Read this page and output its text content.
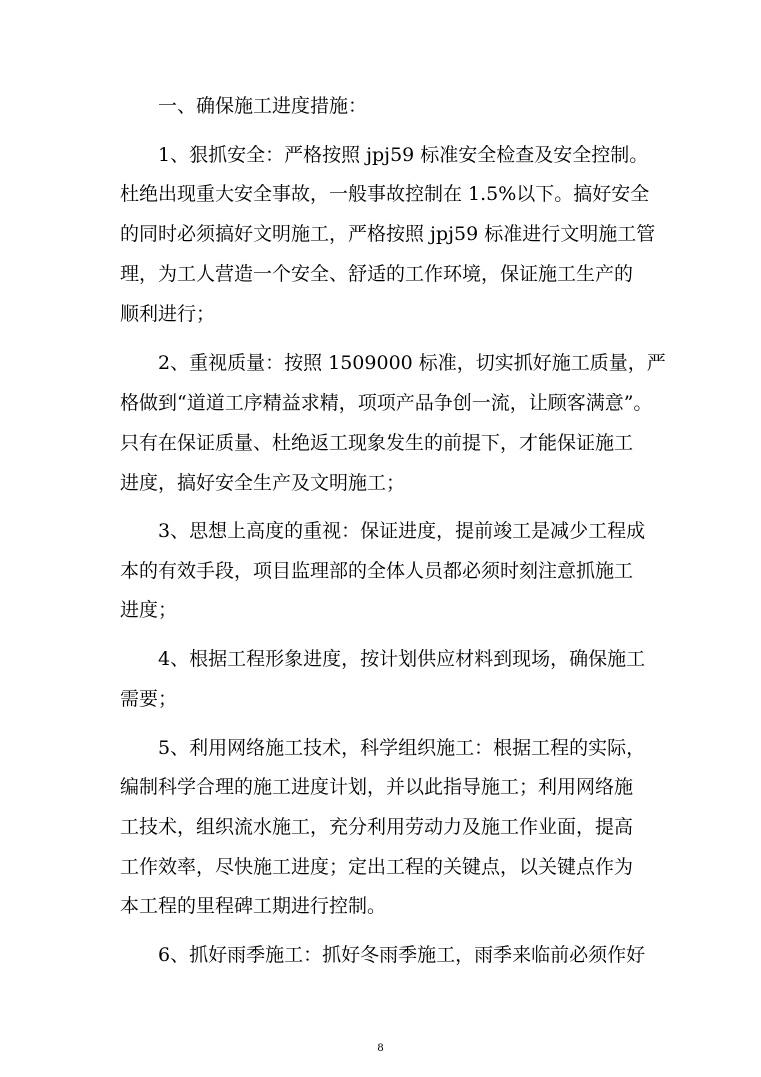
一、确保施工进度措施：
1、狠抓安全：严格按照 jpj59 标准安全检查及安全控制。
杜绝出现重大安全事故，一般事故控制在 1.5%以下。搞好安全
的同时必须搞好文明施工，严格按照 jpj59 标准进行文明施工管
理，为工人营造一个安全、舒适的工作环境，保证施工生产的
顺利进行；
2、重视质量：按照 1509000 标准，切实抓好施工质量，严
格做到“道道工序精益求精，项项产品争创一流，让顾客满意”。
只有在保证质量、杜绝返工现象发生的前提下，才能保证施工
进度，搞好安全生产及文明施工；
3、思想上高度的重视：保证进度，提前竣工是减少工程成
本的有效手段，项目监理部的全体人员都必须时刻注意抓施工
进度；
4、根据工程形象进度，按计划供应材料到现场，确保施工
需要；
5、利用网络施工技术，科学组织施工：根据工程的实际，
编制科学合理的施工进度计划，并以此指导施工；利用网络施
工技术，组织流水施工，充分利用劳动力及施工作业面，提高
工作效率，尽快施工进度；定出工程的关键点，以关键点作为
本工程的里程碑工期进行控制。
6、抓好雨季施工：抓好冬雨季施工，雨季来临前必须作好
8
